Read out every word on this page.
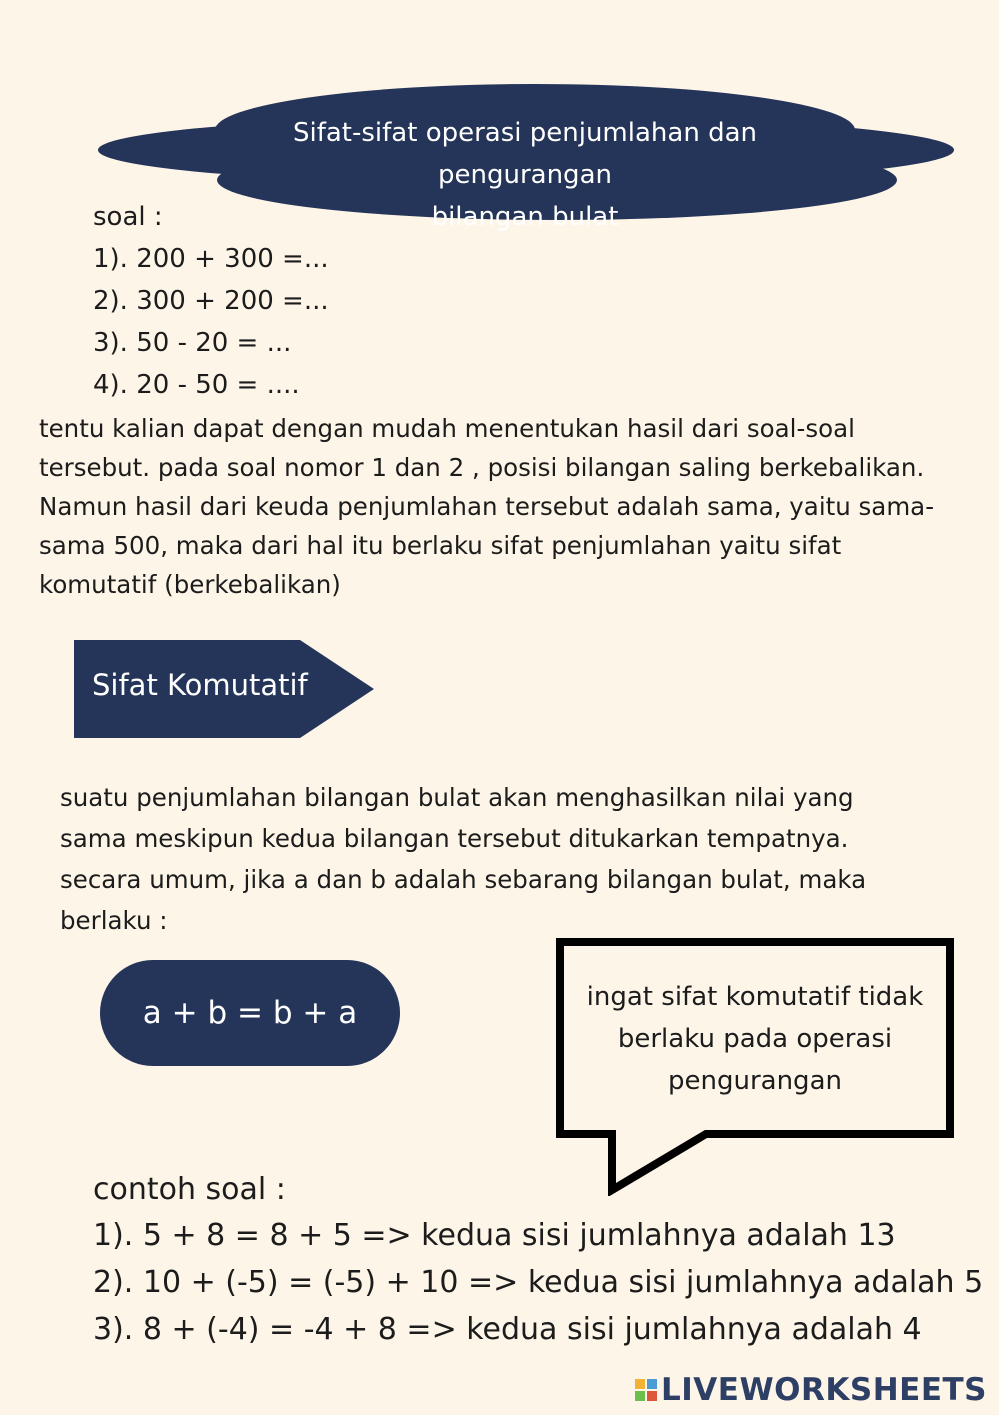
Sifat-sifat operasi penjumlahan dan pengurangan
bilangan bulat
soal :
1). 200 + 300 =...
2). 300 + 200 =...
3). 50 - 20 = ...
4). 20 - 50 = ....
tentu kalian dapat dengan mudah menentukan hasil dari soal-soal
tersebut. pada soal nomor 1 dan 2 , posisi bilangan saling berkebalikan.
Namun hasil dari keuda penjumlahan tersebut adalah sama, yaitu sama-
sama 500, maka dari hal itu berlaku sifat penjumlahan yaitu sifat
komutatif (berkebalikan)
Sifat Komutatif
suatu penjumlahan bilangan bulat akan menghasilkan nilai yang
sama meskipun kedua bilangan tersebut ditukarkan tempatnya.
secara umum, jika a dan b adalah sebarang bilangan bulat, maka
berlaku :
a + b = b + a	ingat sifat komutatif tidak
berlaku pada operasi
pengurangan
contoh soal :
1). 5 + 8 = 8 + 5 => kedua sisi jumlahnya adalah 13
2). 10 + (-5) = (-5) + 10 => kedua sisi jumlahnya adalah 5
3). 8 + (-4) = -4 + 8 => kedua sisi jumlahnya adalah 4
LIVEWORKSHEETS
